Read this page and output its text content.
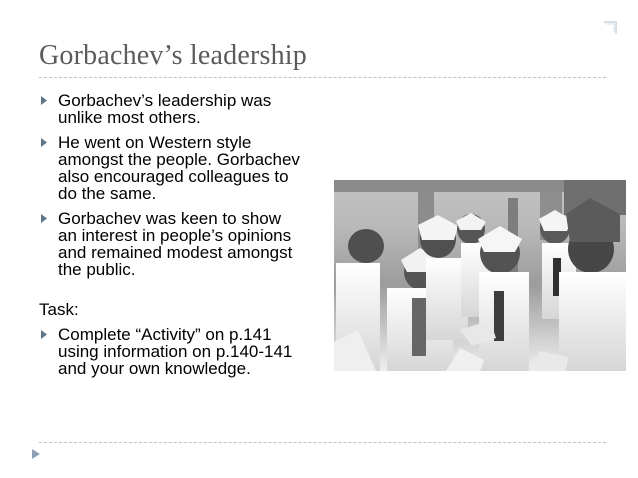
Gorbachev’s leadership
Gorbachev’s leadership was
unlike most others.
He went on Western style
amongst the people. Gorbachev
also encouraged colleagues to
do the same.
Gorbachev was keen to show
an interest in people’s opinions
and remained modest amongst
the public.
Task:
Complete “Activity” on p.141
using information on p.140-141
and your own knowledge.
